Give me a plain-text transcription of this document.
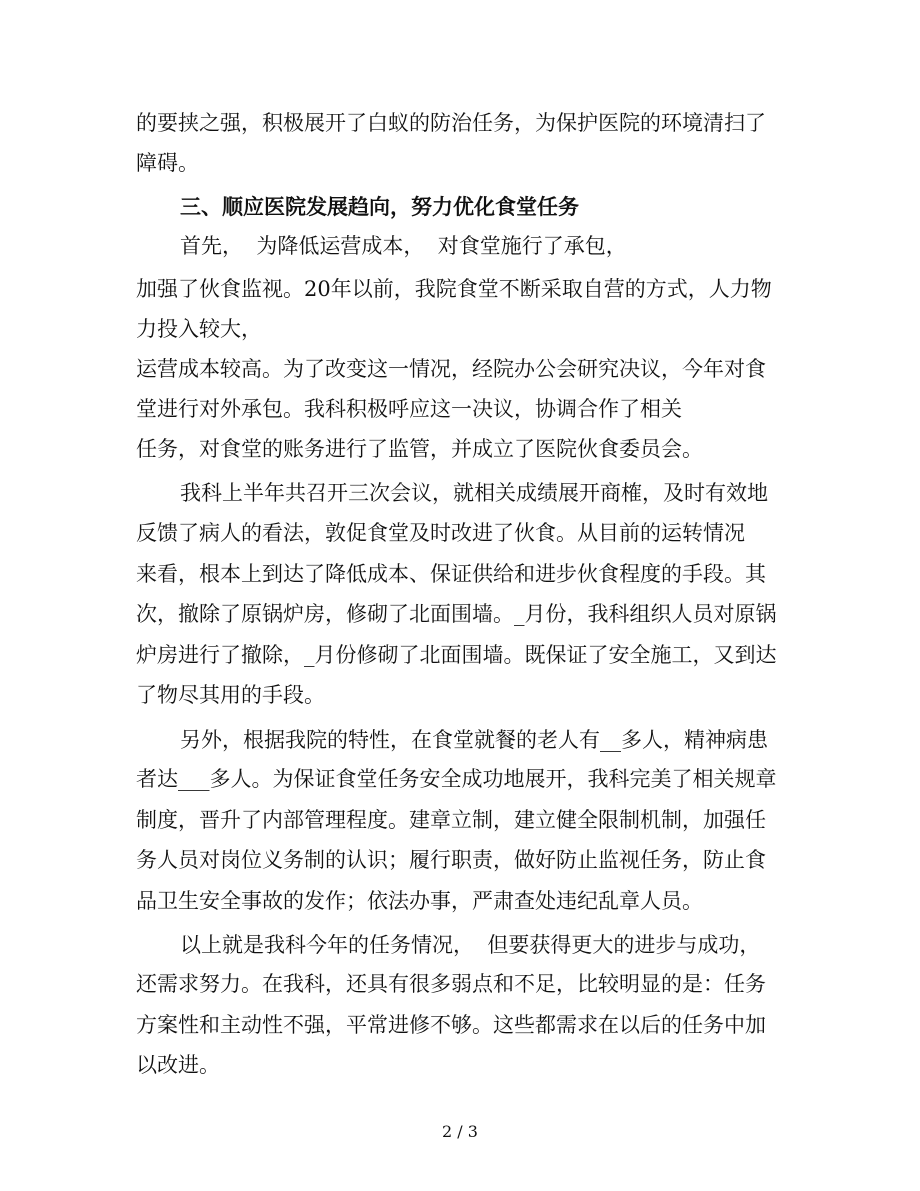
的要挟之强，积极展开了白蚁的防治任务，为保护医院的环境清扫了
障碍。
三、顺应医院发展趋向，努力优化食堂任务
首先，  为降低运营成本，  对食堂施行了承包，
加强了伙食监视。20年以前，我院食堂不断采取自营的方式，人力物
力投入较大，
运营成本较高。为了改变这一情况，经院办公会研究决议，今年对食
堂进行对外承包。我科积极呼应这一决议，协调合作了相关
任务，对食堂的账务进行了监管，并成立了医院伙食委员会。
我科上半年共召开三次会议，就相关成绩展开商榷，及时有效地
反馈了病人的看法，敦促食堂及时改进了伙食。从目前的运转情况
来看，根本上到达了降低成本、保证供给和进步伙食程度的手段。其
次，撤除了原锅炉房，修砌了北面围墙。_月份，我科组织人员对原锅
炉房进行了撤除，_月份修砌了北面围墙。既保证了安全施工，又到达
了物尽其用的手段。
另外，根据我院的特性，在食堂就餐的老人有__多人，精神病患
者达___多人。为保证食堂任务安全成功地展开，我科完美了相关规章
制度，晋升了内部管理程度。建章立制，建立健全限制机制，加强任
务人员对岗位义务制的认识；履行职责，做好防止监视任务，防止食
品卫生安全事故的发作；依法办事，严肃查处违纪乱章人员。
以上就是我科今年的任务情况，  但要获得更大的进步与成功，
还需求努力。在我科，还具有很多弱点和不足，比较明显的是：任务
方案性和主动性不强，平常进修不够。这些都需求在以后的任务中加
以改进。
2 / 3
